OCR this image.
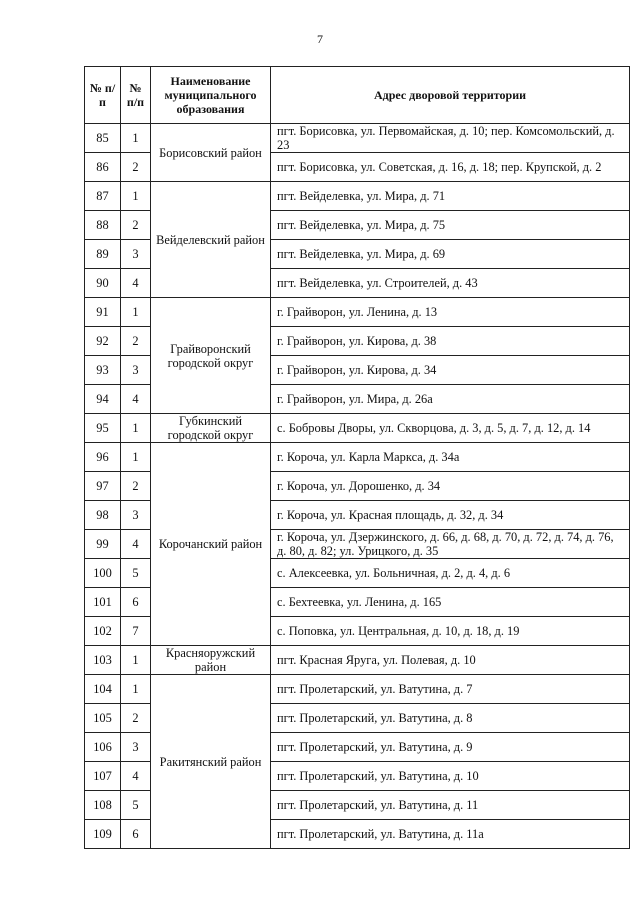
7
№ п/п	№ п/п	Наименование муниципального образования	Адрес дворовой территории
85	1	Борисовский район	пгт. Борисовка, ул. Первомайская, д. 10; пер. Комсомольский, д. 23
86	2		пгт. Борисовка, ул. Советская, д. 16, д. 18; пер. Крупской, д. 2
87	1	Вейделевский район	пгт. Вейделевка, ул. Мира, д. 71
88	2		пгт. Вейделевка, ул. Мира, д. 75
89	3		пгт. Вейделевка, ул. Мира, д. 69
90	4		пгт. Вейделевка, ул. Строителей, д. 43
91	1	Грайворонский городской округ	г. Грайворон, ул. Ленина, д. 13
92	2		г. Грайворон, ул. Кирова, д. 38
93	3		г. Грайворон, ул. Кирова, д. 34
94	4		г. Грайворон, ул. Мира, д. 26а
95	1	Губкинский городской округ	с. Бобровы Дворы, ул. Скворцова, д. 3, д. 5, д. 7, д. 12, д. 14
96	1	Корочанский район	г. Короча, ул. Карла Маркса, д. 34а
97	2		г. Короча, ул. Дорошенко, д. 34
98	3		г. Короча, ул. Красная площадь, д. 32, д. 34
99	4		г. Короча, ул. Дзержинского, д. 66, д. 68, д. 70, д. 72, д. 74, д. 76, д. 80, д. 82; ул. Урицкого, д. 35
100	5		с. Алексеевка, ул. Больничная, д. 2, д. 4, д. 6
101	6		с. Бехтеевка, ул. Ленина, д. 165
102	7		с. Поповка, ул. Центральная, д. 10, д. 18, д. 19
103	1	Красняоружский район	пгт. Красная Яруга, ул. Полевая, д. 10
104	1	Ракитянский район	пгт. Пролетарский, ул. Ватутина, д. 7
105	2		пгт. Пролетарский, ул. Ватутина, д. 8
106	3		пгт. Пролетарский, ул. Ватутина, д. 9
107	4		пгт. Пролетарский, ул. Ватутина, д. 10
108	5		пгт. Пролетарский, ул. Ватутина, д. 11
109	6		пгт. Пролетарский, ул. Ватутина, д. 11а
